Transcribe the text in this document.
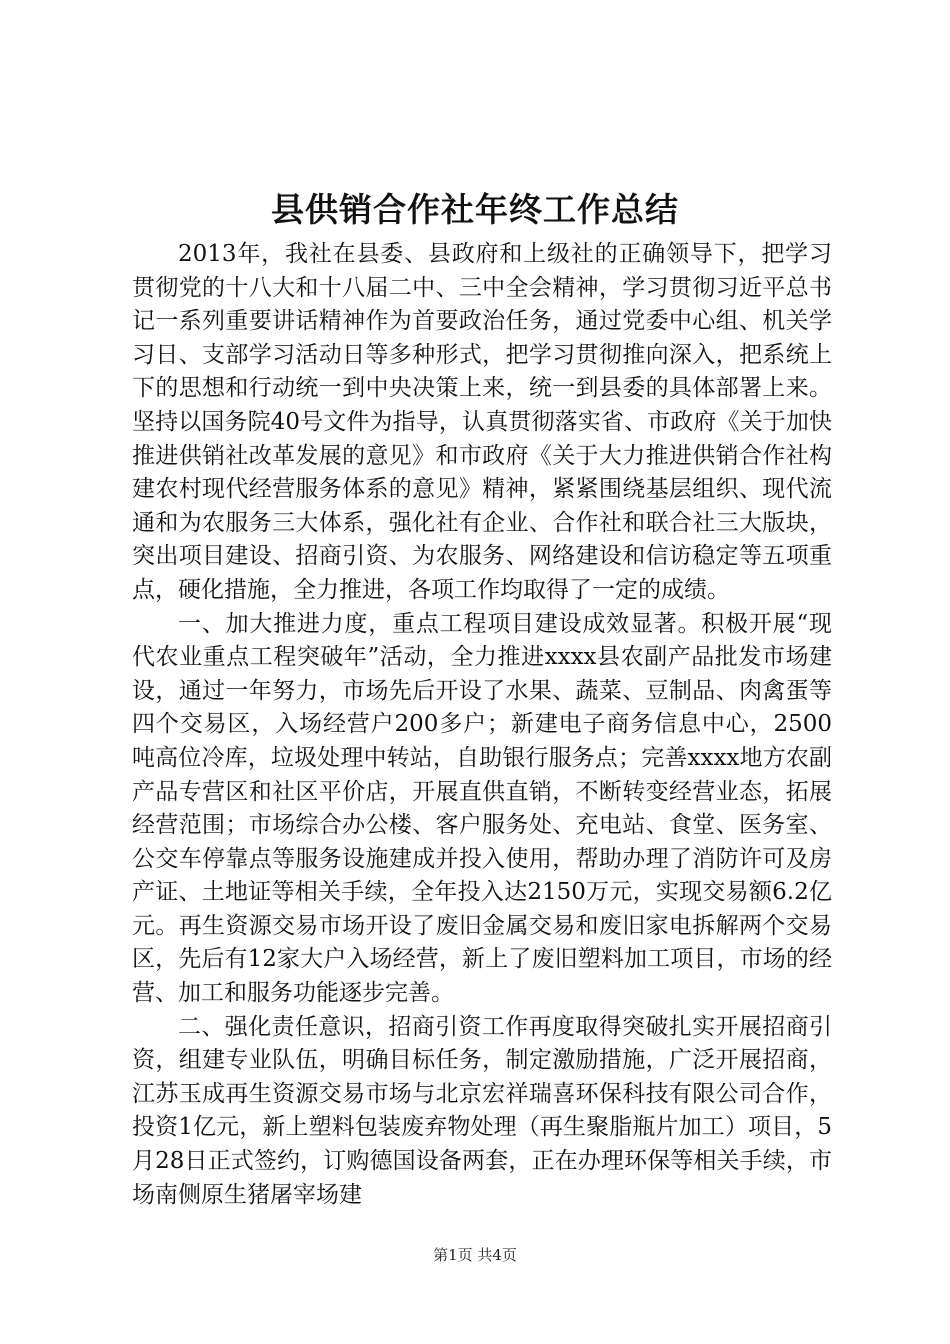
县供销合作社年终工作总结

2013年，我社在县委、县政府和上级社的正确领导下，把学习贯彻党的十八大和十八届二中、三中全会精神，学习贯彻习近平总书记一系列重要讲话精神作为首要政治任务，通过党委中心组、机关学习日、支部学习活动日等多种形式，把学习贯彻推向深入，把系统上下的思想和行动统一到中央决策上来，统一到县委的具体部署上来。坚持以国务院40号文件为指导，认真贯彻落实省、市政府《关于加快推进供销社改革发展的意见》和市政府《关于大力推进供销合作社构建农村现代经营服务体系的意见》精神，紧紧围绕基层组织、现代流通和为农服务三大体系，强化社有企业、合作社和联合社三大版块，突出项目建设、招商引资、为农服务、网络建设和信访稳定等五项重点，硬化措施，全力推进，各项工作均取得了一定的成绩。

一、加大推进力度，重点工程项目建设成效显著。积极开展“现代农业重点工程突破年”活动，全力推进xxxx县农副产品批发市场建设，通过一年努力，市场先后开设了水果、蔬菜、豆制品、肉禽蛋等四个交易区，入场经营户200多户；新建电子商务信息中心，2500吨高位冷库，垃圾处理中转站，自助银行服务点；完善xxxx地方农副产品专营区和社区平价店，开展直供直销，不断转变经营业态，拓展经营范围；市场综合办公楼、客户服务处、充电站、食堂、医务室、公交车停靠点等服务设施建成并投入使用，帮助办理了消防许可及房产证、土地证等相关手续，全年投入达2150万元，实现交易额6.2亿元。再生资源交易市场开设了废旧金属交易和废旧家电拆解两个交易区，先后有12家大户入场经营，新上了废旧塑料加工项目，市场的经营、加工和服务功能逐步完善。

二、强化责任意识，招商引资工作再度取得突破扎实开展招商引资，组建专业队伍，明确目标任务，制定激励措施，广泛开展招商，江苏玉成再生资源交易市场与北京宏祥瑞喜环保科技有限公司合作，投资1亿元，新上塑料包装废弃物处理（再生聚脂瓶片加工）项目，5月28日正式签约，订购德国设备两套，正在办理环保等相关手续，市场南侧原生猪屠宰场建

第1页 共4页
